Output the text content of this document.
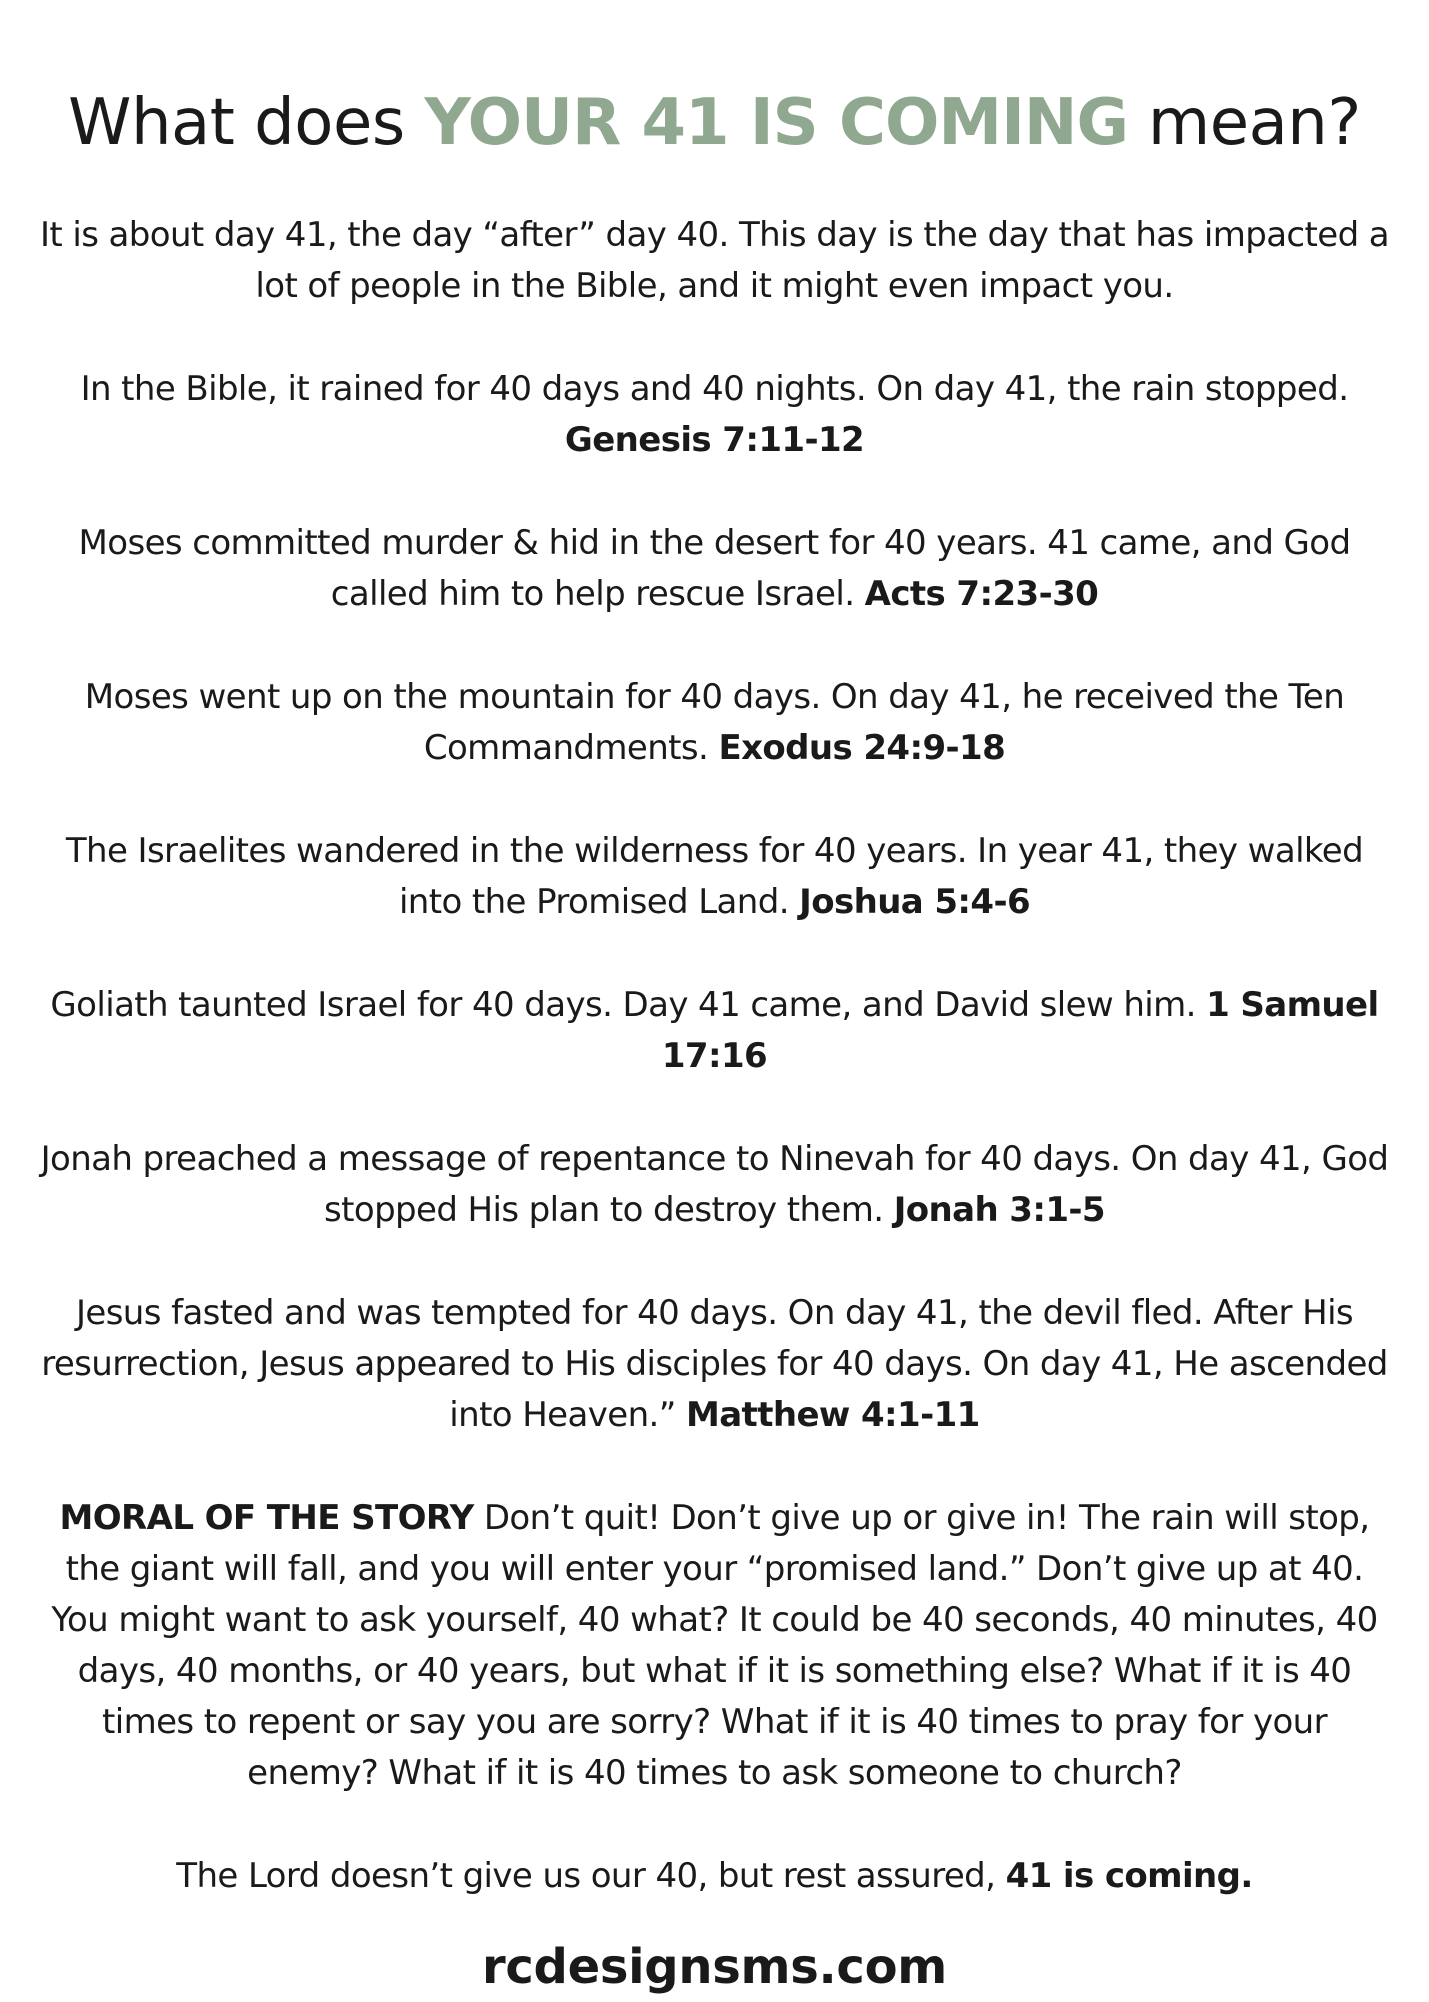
What does YOUR 41 IS COMING mean?

It is about day 41, the day “after” day 40. This day is the day that has impacted a lot of people in the Bible, and it might even impact you.

In the Bible, it rained for 40 days and 40 nights. On day 41, the rain stopped. Genesis 7:11-12

Moses committed murder & hid in the desert for 40 years. 41 came, and God called him to help rescue Israel. Acts 7:23-30

Moses went up on the mountain for 40 days. On day 41, he received the Ten Commandments. Exodus 24:9-18

The Israelites wandered in the wilderness for 40 years. In year 41, they walked into the Promised Land. Joshua 5:4-6

Goliath taunted Israel for 40 days. Day 41 came, and David slew him. 1 Samuel 17:16

Jonah preached a message of repentance to Ninevah for 40 days. On day 41, God stopped His plan to destroy them. Jonah 3:1-5

Jesus fasted and was tempted for 40 days. On day 41, the devil fled. After His resurrection, Jesus appeared to His disciples for 40 days. On day 41, He ascended into Heaven.” Matthew 4:1-11

MORAL OF THE STORY Don’t quit! Don’t give up or give in! The rain will stop, the giant will fall, and you will enter your “promised land.” Don’t give up at 40. You might want to ask yourself, 40 what? It could be 40 seconds, 40 minutes, 40 days, 40 months, or 40 years, but what if it is something else? What if it is 40 times to repent or say you are sorry? What if it is 40 times to pray for your enemy? What if it is 40 times to ask someone to church?

The Lord doesn’t give us our 40, but rest assured, 41 is coming.

rcdesignsms.com
